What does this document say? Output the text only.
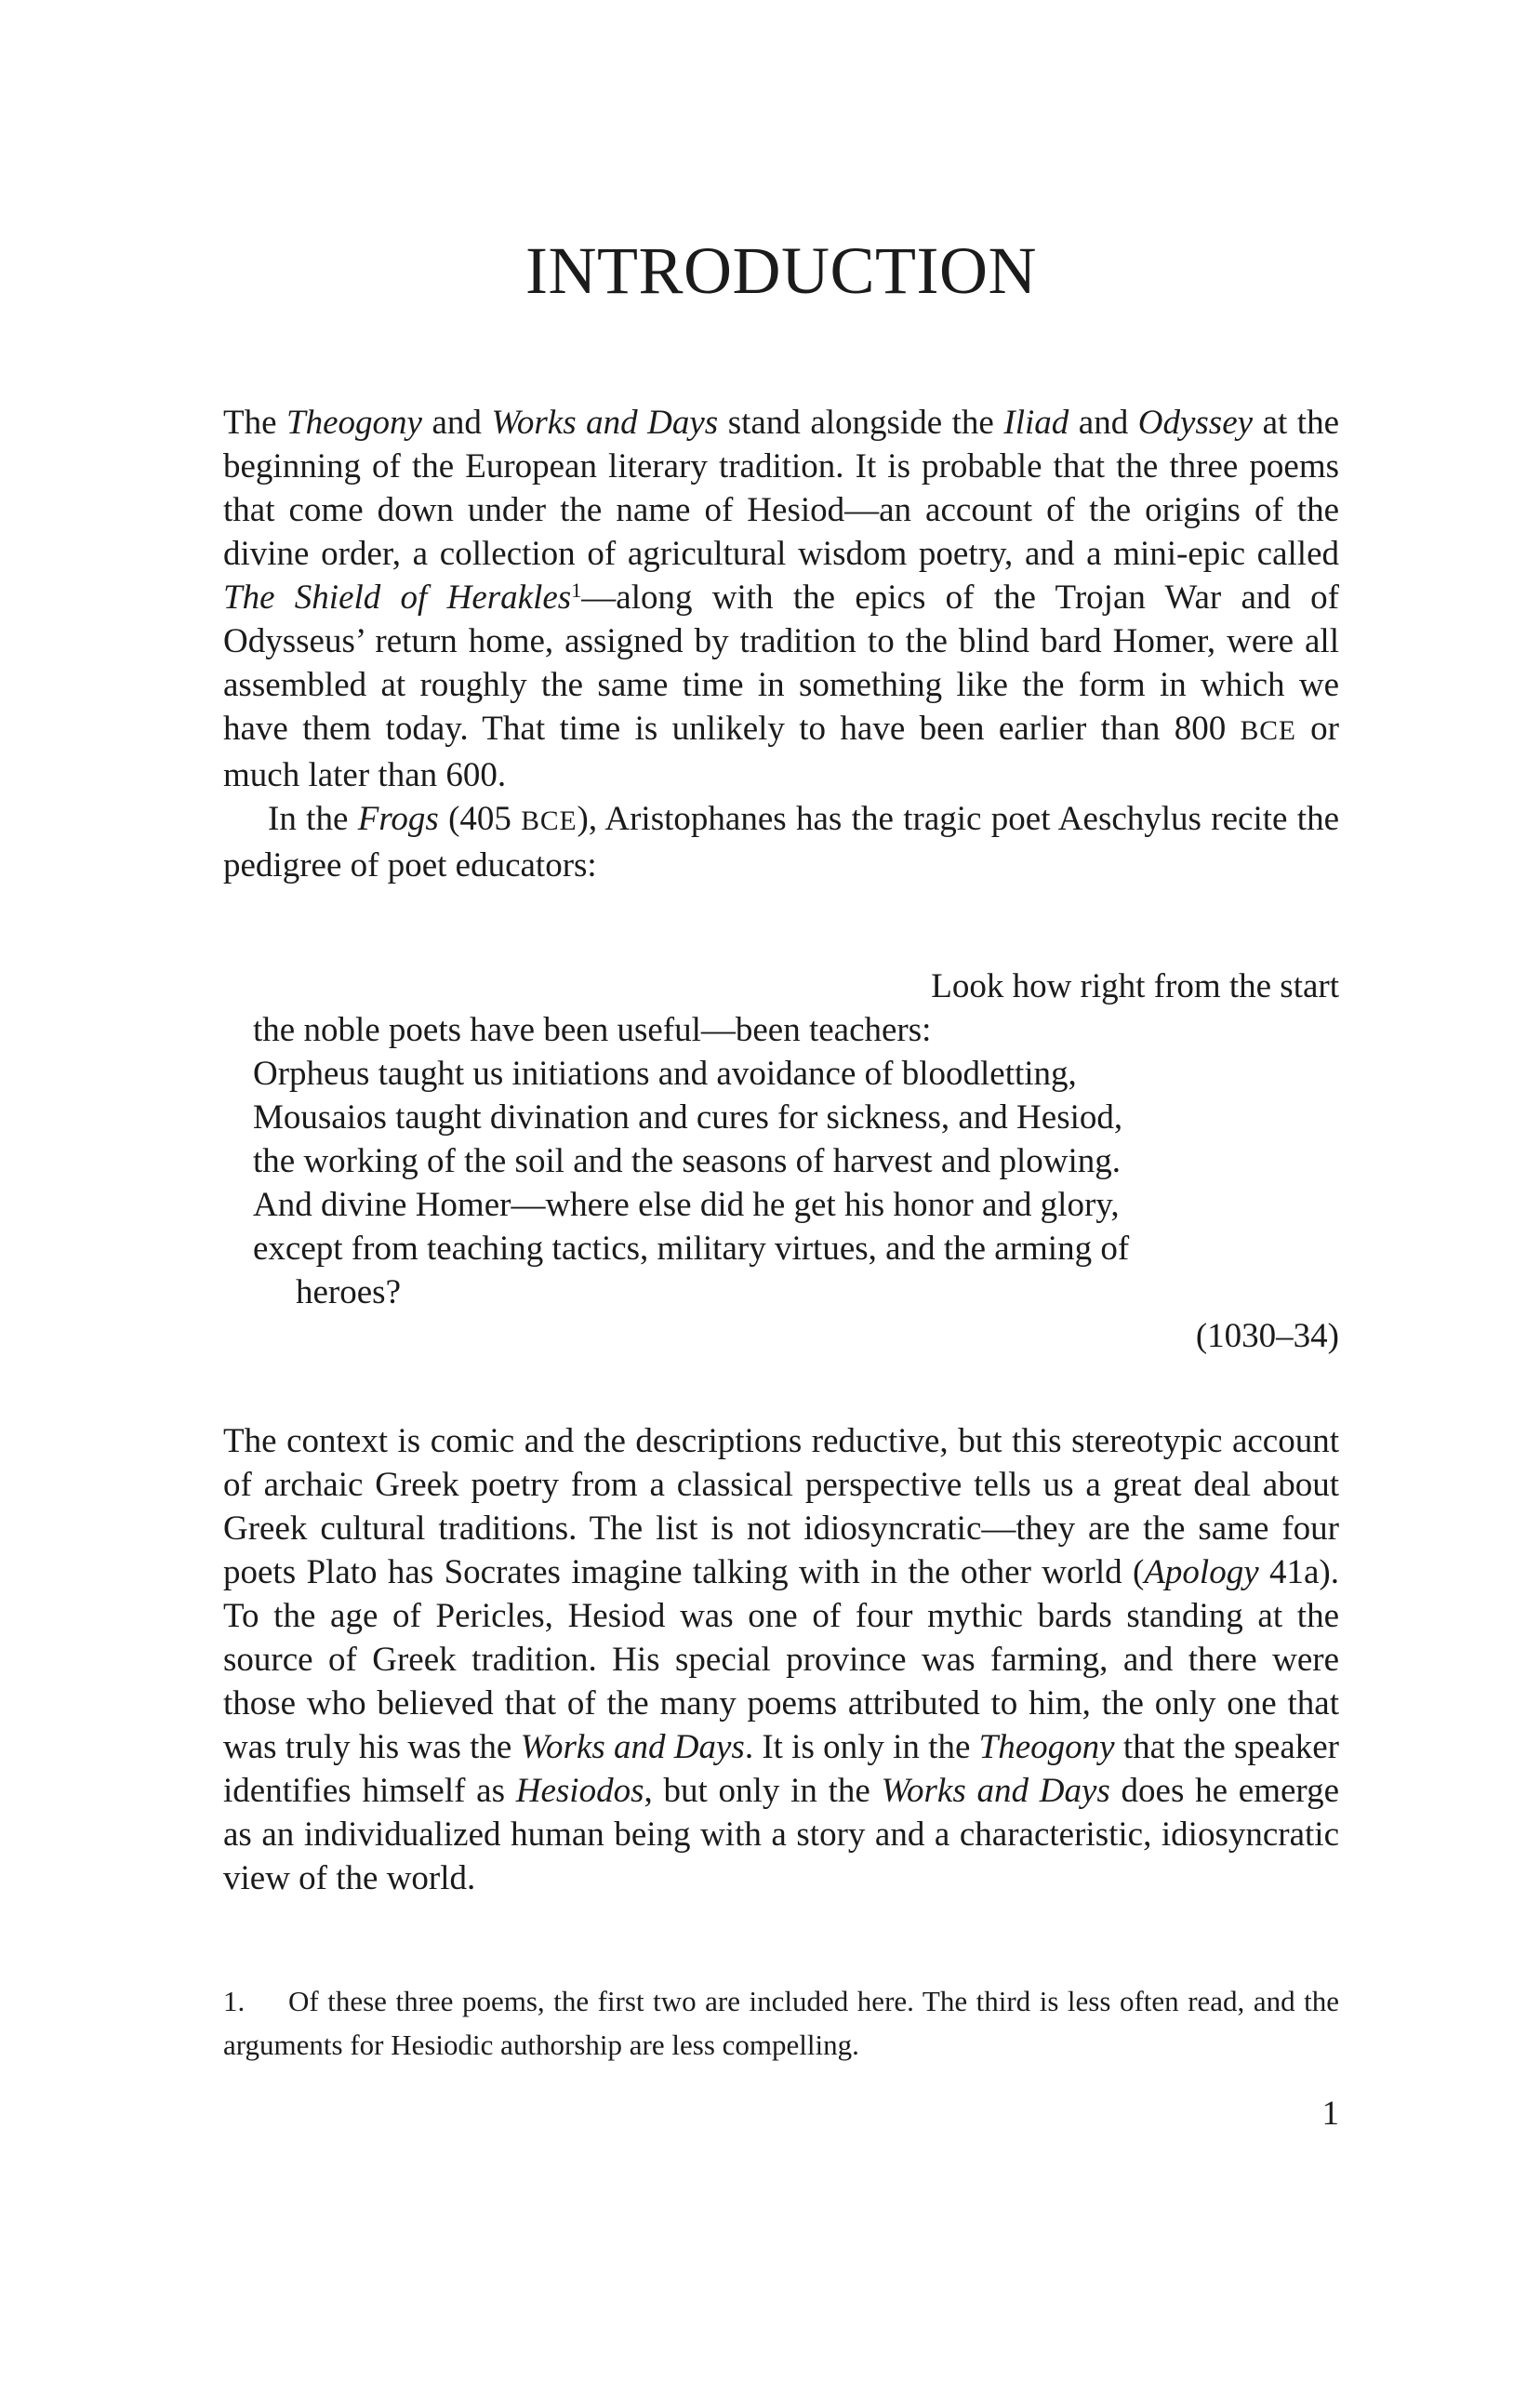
INTRODUCTION

The Theogony and Works and Days stand alongside the Iliad and Odyssey at the beginning of the European literary tradition. It is probable that the three poems that come down under the name of Hesiod—an account of the origins of the divine order, a collection of agricultural wisdom poetry, and a mini-epic called The Shield of Herakles$^1$—along with the epics of the Trojan War and of Odysseus’ return home, assigned by tradition to the blind bard Homer, were all assembled at roughly the same time in something like the form in which we have them today. That time is unlikely to have been earlier than 800 BCE or much later than 600.

In the Frogs (405 BCE), Aristophanes has the tragic poet Aeschylus recite the pedigree of poet educators:

Look how right from the start
the noble poets have been useful—been teachers:
Orpheus taught us initiations and avoidance of bloodletting,
Mousaios taught divination and cures for sickness, and Hesiod,
the working of the soil and the seasons of harvest and plowing.
And divine Homer—where else did he get his honor and glory,
except from teaching tactics, military virtues, and the arming of
heroes?
(1030–34)

The context is comic and the descriptions reductive, but this stereotypic account of archaic Greek poetry from a classical perspective tells us a great deal about Greek cultural traditions. The list is not idiosyncratic—they are the same four poets Plato has Socrates imagine talking with in the other world (Apology 41a). To the age of Pericles, Hesiod was one of four mythic bards standing at the source of Greek tradition. His special province was farming, and there were those who believed that of the many poems attributed to him, the only one that was truly his was the Works and Days. It is only in the Theogony that the speaker identifies himself as Hesiodos, but only in the Works and Days does he emerge as an individualized human being with a story and a characteristic, idiosyncratic view of the world.

1. Of these three poems, the first two are included here. The third is less often read, and the arguments for Hesiodic authorship are less compelling.
1
